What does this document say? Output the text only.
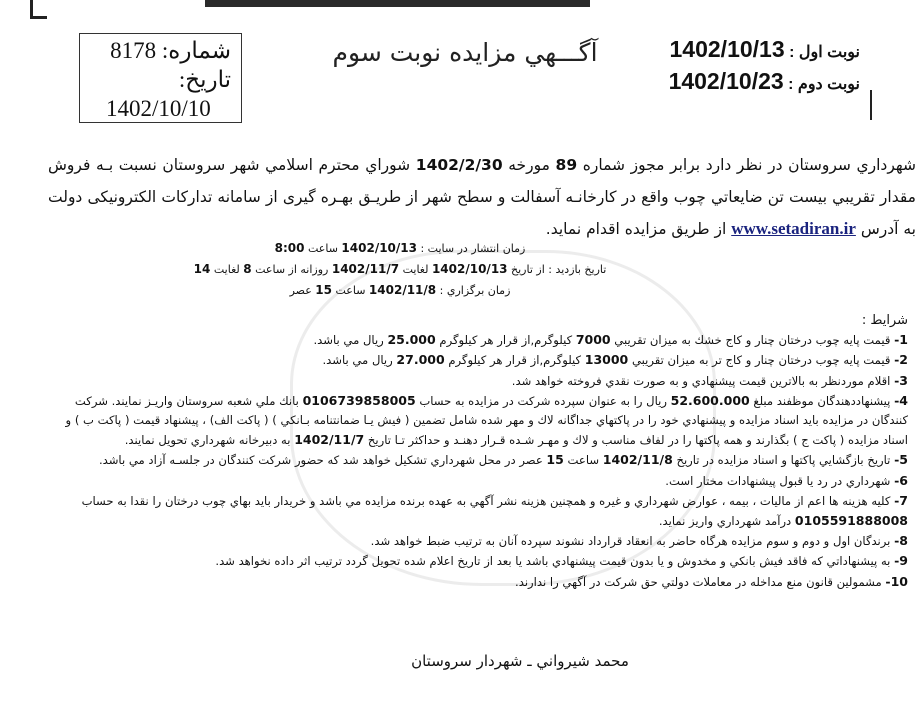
شماره: 8178
تاریخ:
1402/10/10
آگـــهي مزايده نوبت سوم	نوبت اول : 1402/10/13
نوبت دوم : 1402/10/23
شهرداري سروستان در نظر دارد برابر مجوز شماره 89 مورخه 1402/2/30 شوراي محترم اسلامي شهر سروستان نسبت بـه فروش مقدار تقريبي بيست تن ضايعاتي چوب واقع در كارخانـه آسفالت و سطح شهر از طريـق بهـره گيری از سامانه تدارکات الکترونيکی دولت به آدرس www.setadiran.ir از طريق مزايده اقدام نمايد.
زمان انتشار در سایت : 1402/10/13 ساعت 8:00
تاريخ بازديد : از تاريخ 1402/10/13 لغايت 1402/11/7 روزانه از ساعت 8 لغايت 14
زمان برگزاري : 1402/11/8 ساعت 15 عصر

شرايط :

1- قيمت پايه چوب درختان چنار و كاج خشك به ميزان تقريبي 7000 كيلوگرم,از قرار هر كيلوگرم 25.000 ريال مي باشد.

2- قيمت پايه چوب درختان چنار و كاج تر به ميزان تقريبي 13000 كيلوگرم,از قرار هر كيلوگرم 27.000 ريال مي باشد.

3- اقلام موردنظر به بالاترين قيمت پيشنهادي و به صورت نقدي فروخته خواهد شد.

4- پيشنهاددهندگان موظفند مبلغ 52.600.000 ريال را به عنوان سپرده شركت در مزايده به حساب 0106739858005 بانك ملي شعبه سروستان واريـز نمايند. شركت كنندگان در مزايده بايد اسناد مزايده و پيشنهادي خود را در پاكتهاي جداگانه لاك و مهر شده شامل تضمين ( فيش يـا ضمانتنامه بـانكي ) ( پاكت الف) ، پيشنهاد قيمت ( پاكت ب ) و اسناد مزايده ( پاكت ج ) بگذارند و همه پاكتها را در لفاف مناسب و لاك و مهـر شـده قـرار دهنـد و حداكثر تـا تاريخ 1402/11/7 به دبيرخانه شهرداري تحويل نمايند.

5- تاريخ بازگشايي پاكتها و اسناد مزايده در تاريخ 1402/11/8 ساعت 15 عصر در محل شهرداري تشكيل خواهد شد كه حضور شركت كنندگان در جلسـه آزاد مي باشد.

6- شهرداري در رد يا قبول پيشنهادات مختار است.

7- كليه هزينه ها اعم از ماليات ، بيمه ، عوارض شهرداري و غيره و همچنين هزينه نشر آگهي به عهده برنده مزايده مي باشد و خريدار بايد بهاي چوب درختان را نقدا به حساب 0105591888008 درآمد شهرداري واريز نمايد.

8- برندگان اول و دوم و سوم مزايده هرگاه حاضر به انعقاد قرارداد نشوند سپرده آنان به ترتيب ضبط خواهد شد.

9- به پيشنهاداتي كه فاقد فيش بانكي و مخدوش و يا بدون قيمت پيشنهادي باشد يا بعد از تاريخ اعلام شده تحويل گردد ترتيب اثر داده نخواهد شد.

10- مشمولين قانون منع مداخله در معاملات دولتي حق شركت در آگهي را ندارند.

محمد شيرواني ـ شهردار سروستان
